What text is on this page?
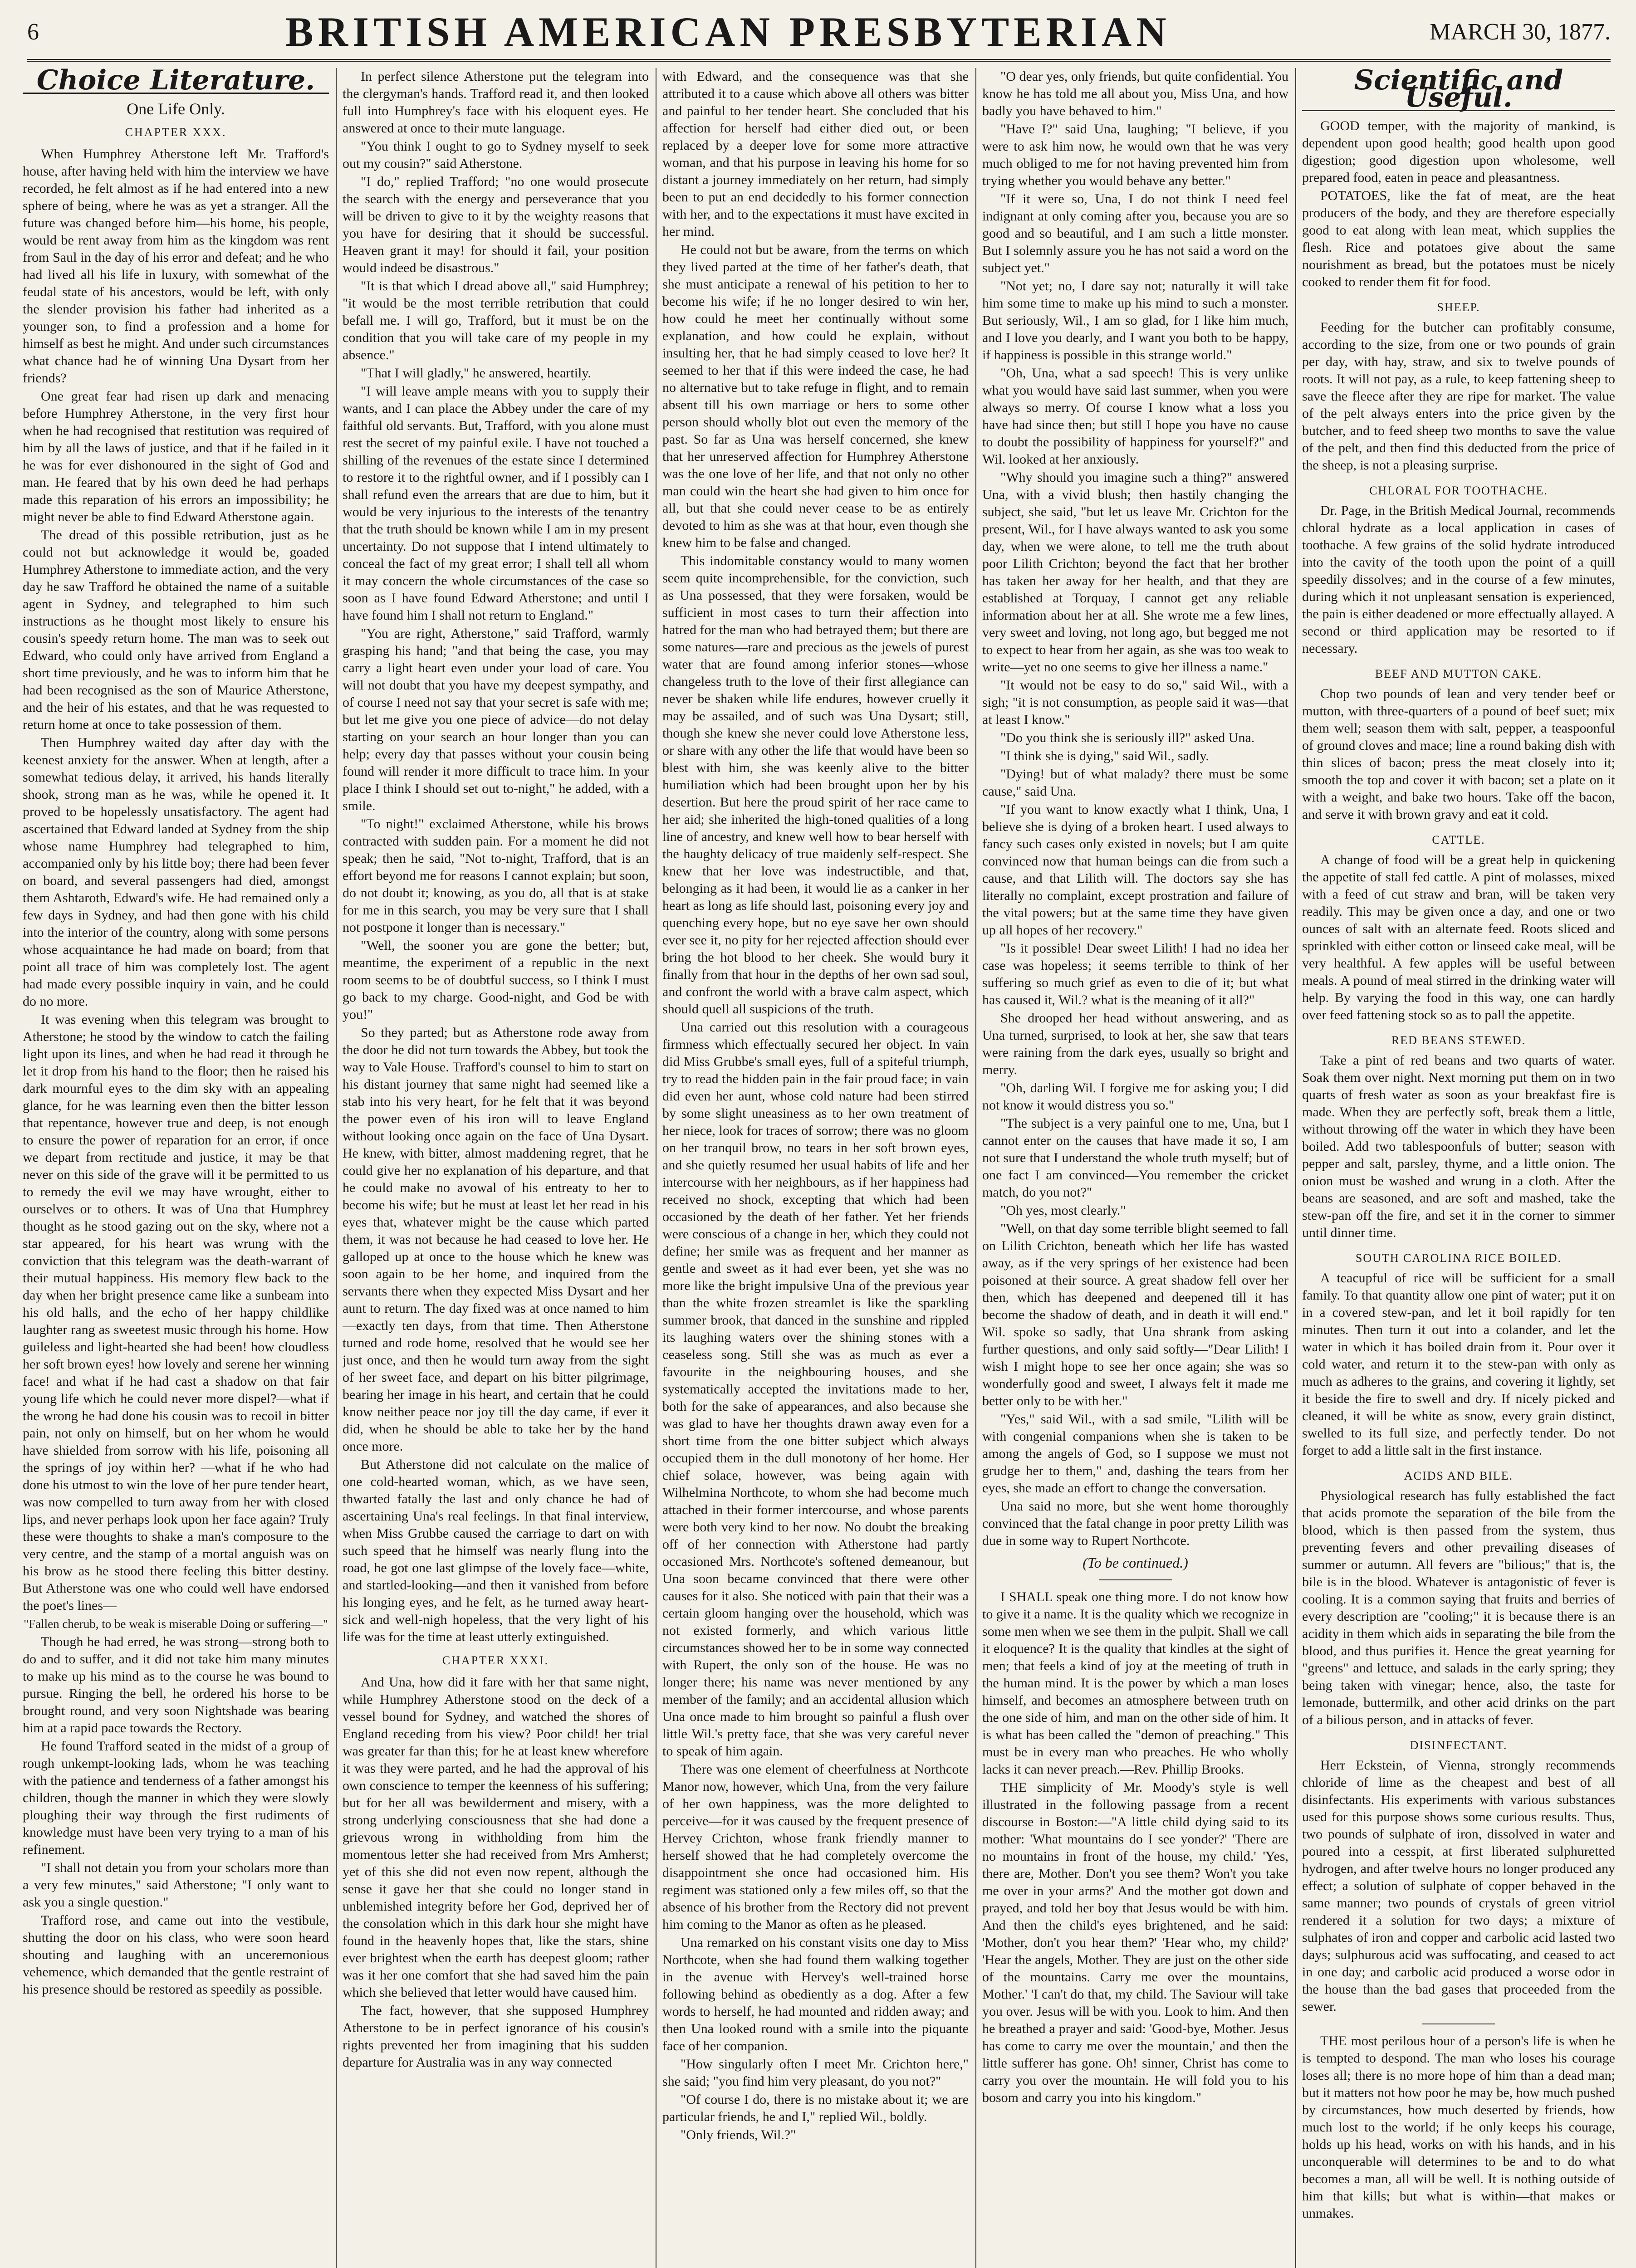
6	BRITISH AMERICAN PRESBYTERIAN	MARCH 30, 1877.
Choice Literature.
One Life Only.
CHAPTER XXX.

When Humphrey Atherstone left Mr. Trafford's house, after having held with him the interview we have recorded, he felt almost as if he had entered into a new sphere of being, where he was as yet a stranger. All the future was changed before him—his home, his people, would be rent away from him as the kingdom was rent from Saul in the day of his error and defeat; and he who had lived all his life in luxury, with somewhat of the feudal state of his ancestors, would be left, with only the slender provision his father had inherited as a younger son, to find a profession and a home for himself as best he might. And under such circumstances what chance had he of winning Una Dysart from her friends?

One great fear had risen up dark and menacing before Humphrey Atherstone, in the very first hour when he had recognised that restitution was required of him by all the laws of justice, and that if he failed in it he was for ever dishonoured in the sight of God and man. He feared that by his own deed he had perhaps made this reparation of his errors an impossibility; he might never be able to find Edward Atherstone again.

The dread of this possible retribution, just as he could not but acknowledge it would be, goaded Humphrey Atherstone to immediate action, and the very day he saw Trafford he obtained the name of a suitable agent in Sydney, and telegraphed to him such instructions as he thought most likely to ensure his cousin's speedy return home. The man was to seek out Edward, who could only have arrived from England a short time previously, and he was to inform him that he had been recognised as the son of Maurice Atherstone, and the heir of his estates, and that he was requested to return home at once to take possession of them.

Then Humphrey waited day after day with the keenest anxiety for the answer. When at length, after a somewhat tedious delay, it arrived, his hands literally shook, strong man as he was, while he opened it. It proved to be hopelessly unsatisfactory. The agent had ascertained that Edward landed at Sydney from the ship whose name Humphrey had telegraphed to him, accompanied only by his little boy; there had been fever on board, and several passengers had died, amongst them Ashtaroth, Edward's wife. He had remained only a few days in Sydney, and had then gone with his child into the interior of the country, along with some persons whose acquaintance he had made on board; from that point all trace of him was completely lost. The agent had made every possible inquiry in vain, and he could do no more.

It was evening when this telegram was brought to Atherstone; he stood by the window to catch the failing light upon its lines, and when he had read it through he let it drop from his hand to the floor; then he raised his dark mournful eyes to the dim sky with an appealing glance, for he was learning even then the bitter lesson that repentance, however true and deep, is not enough to ensure the power of reparation for an error, if once we depart from rectitude and justice, it may be that never on this side of the grave will it be permitted to us to remedy the evil we may have wrought, either to ourselves or to others. It was of Una that Humphrey thought as he stood gazing out on the sky, where not a star appeared, for his heart was wrung with the conviction that this telegram was the death-warrant of their mutual happiness. His memory flew back to the day when her bright presence came like a sunbeam into his old halls, and the echo of her happy childlike laughter rang as sweetest music through his home. How guileless and light-hearted she had been! how cloudless her soft brown eyes! how lovely and serene her winning face! and what if he had cast a shadow on that fair young life which he could never more dispel?—what if the wrong he had done his cousin was to recoil in bitter pain, not only on himself, but on her whom he would have shielded from sorrow with his life, poisoning all the springs of joy within her? —what if he who had done his utmost to win the love of her pure tender heart, was now compelled to turn away from her with closed lips, and never perhaps look upon her face again? Truly these were thoughts to shake a man's composure to the very centre, and the stamp of a mortal anguish was on his brow as he stood there feeling this bitter destiny. But Atherstone was one who could well have endorsed the poet's lines—

"Fallen cherub, to be weak is miserable Doing or suffering—"

Though he had erred, he was strong—strong both to do and to suffer, and it did not take him many minutes to make up his mind as to the course he was bound to pursue. Ringing the bell, he ordered his horse to be brought round, and very soon Nightshade was bearing him at a rapid pace towards the Rectory.

He found Trafford seated in the midst of a group of rough unkempt-looking lads, whom he was teaching with the patience and tenderness of a father amongst his children, though the manner in which they were slowly ploughing their way through the first rudiments of knowledge must have been very trying to a man of his refinement.

"I shall not detain you from your scholars more than a very few minutes," said Atherstone; "I only want to ask you a single question."

Trafford rose, and came out into the vestibule, shutting the door on his class, who were soon heard shouting and laughing with an unceremonious vehemence, which demanded that the gentle restraint of his presence should be restored as speedily as possible.

In perfect silence Atherstone put the telegram into the clergyman's hands. Trafford read it, and then looked full into Humphrey's face with his eloquent eyes. He answered at once to their mute language.

"You think I ought to go to Sydney myself to seek out my cousin?" said Atherstone.

"I do," replied Trafford; "no one would prosecute the search with the energy and perseverance that you will be driven to give to it by the weighty reasons that you have for desiring that it should be successful. Heaven grant it may! for should it fail, your position would indeed be disastrous."

"It is that which I dread above all," said Humphrey; "it would be the most terrible retribution that could befall me. I will go, Trafford, but it must be on the condition that you will take care of my people in my absence."

"That I will gladly," he answered, heartily.

"I will leave ample means with you to supply their wants, and I can place the Abbey under the care of my faithful old servants. But, Trafford, with you alone must rest the secret of my painful exile. I have not touched a shilling of the revenues of the estate since I determined to restore it to the rightful owner, and if I possibly can I shall refund even the arrears that are due to him, but it would be very injurious to the interests of the tenantry that the truth should be known while I am in my present uncertainty. Do not suppose that I intend ultimately to conceal the fact of my great error; I shall tell all whom it may concern the whole circumstances of the case so soon as I have found Edward Atherstone; and until I have found him I shall not return to England."

"You are right, Atherstone," said Trafford, warmly grasping his hand; "and that being the case, you may carry a light heart even under your load of care. You will not doubt that you have my deepest sympathy, and of course I need not say that your secret is safe with me; but let me give you one piece of advice—do not delay starting on your search an hour longer than you can help; every day that passes without your cousin being found will render it more difficult to trace him. In your place I think I should set out to-night," he added, with a smile.

"To night!" exclaimed Atherstone, while his brows contracted with sudden pain. For a moment he did not speak; then he said, "Not to-night, Trafford, that is an effort beyond me for reasons I cannot explain; but soon, do not doubt it; knowing, as you do, all that is at stake for me in this search, you may be very sure that I shall not postpone it longer than is necessary."

"Well, the sooner you are gone the better; but, meantime, the experiment of a republic in the next room seems to be of doubtful success, so I think I must go back to my charge. Good-night, and God be with you!"

So they parted; but as Atherstone rode away from the door he did not turn towards the Abbey, but took the way to Vale House. Trafford's counsel to him to start on his distant journey that same night had seemed like a stab into his very heart, for he felt that it was beyond the power even of his iron will to leave England without looking once again on the face of Una Dysart. He knew, with bitter, almost maddening regret, that he could give her no explanation of his departure, and that he could make no avowal of his entreaty to her to become his wife; but he must at least let her read in his eyes that, whatever might be the cause which parted them, it was not because he had ceased to love her. He galloped up at once to the house which he knew was soon again to be her home, and inquired from the servants there when they expected Miss Dysart and her aunt to return. The day fixed was at once named to him—exactly ten days, from that time. Then Atherstone turned and rode home, resolved that he would see her just once, and then he would turn away from the sight of her sweet face, and depart on his bitter pilgrimage, bearing her image in his heart, and certain that he could know neither peace nor joy till the day came, if ever it did, when he should be able to take her by the hand once more.

But Atherstone did not calculate on the malice of one cold-hearted woman, which, as we have seen, thwarted fatally the last and only chance he had of ascertaining Una's real feelings. In that final interview, when Miss Grubbe caused the carriage to dart on with such speed that he himself was nearly flung into the road, he got one last glimpse of the lovely face—white, and startled-looking—and then it vanished from before his longing eyes, and he felt, as he turned away heart-sick and well-nigh hopeless, that the very light of his life was for the time at least utterly extinguished.

CHAPTER XXXI.

And Una, how did it fare with her that same night, while Humphrey Atherstone stood on the deck of a vessel bound for Sydney, and watched the shores of England receding from his view? Poor child! her trial was greater far than this; for he at least knew wherefore it was they were parted, and he had the approval of his own conscience to temper the keenness of his suffering; but for her all was bewilderment and misery, with a strong underlying consciousness that she had done a grievous wrong in withholding from him the momentous letter she had received from Mrs Amherst; yet of this she did not even now repent, although the sense it gave her that she could no longer stand in unblemished integrity before her God, deprived her of the consolation which in this dark hour she might have found in the heavenly hopes that, like the stars, shine ever brightest when the earth has deepest gloom; rather was it her one comfort that she had saved him the pain which she believed that letter would have caused him.

The fact, however, that she supposed Humphrey Atherstone to be in perfect ignorance of his cousin's rights prevented her from imagining that his sudden departure for Australia was in any way connected

with Edward, and the consequence was that she attributed it to a cause which above all others was bitter and painful to her tender heart. She concluded that his affection for herself had either died out, or been replaced by a deeper love for some more attractive woman, and that his purpose in leaving his home for so distant a journey immediately on her return, had simply been to put an end decidedly to his former connection with her, and to the expectations it must have excited in her mind.

He could not but be aware, from the terms on which they lived parted at the time of her father's death, that she must anticipate a renewal of his petition to her to become his wife; if he no longer desired to win her, how could he meet her continually without some explanation, and how could he explain, without insulting her, that he had simply ceased to love her? It seemed to her that if this were indeed the case, he had no alternative but to take refuge in flight, and to remain absent till his own marriage or hers to some other person should wholly blot out even the memory of the past. So far as Una was herself concerned, she knew that her unreserved affection for Humphrey Atherstone was the one love of her life, and that not only no other man could win the heart she had given to him once for all, but that she could never cease to be as entirely devoted to him as she was at that hour, even though she knew him to be false and changed.

This indomitable constancy would to many women seem quite incomprehensible, for the conviction, such as Una possessed, that they were forsaken, would be sufficient in most cases to turn their affection into hatred for the man who had betrayed them; but there are some natures—rare and precious as the jewels of purest water that are found among inferior stones—whose changeless truth to the love of their first allegiance can never be shaken while life endures, however cruelly it may be assailed, and of such was Una Dysart; still, though she knew she never could love Atherstone less, or share with any other the life that would have been so blest with him, she was keenly alive to the bitter humiliation which had been brought upon her by his desertion. But here the proud spirit of her race came to her aid; she inherited the high-toned qualities of a long line of ancestry, and knew well how to bear herself with the haughty delicacy of true maidenly self-respect. She knew that her love was indestructible, and that, belonging as it had been, it would lie as a canker in her heart as long as life should last, poisoning every joy and quenching every hope, but no eye save her own should ever see it, no pity for her rejected affection should ever bring the hot blood to her cheek. She would bury it finally from that hour in the depths of her own sad soul, and confront the world with a brave calm aspect, which should quell all suspicions of the truth.

Una carried out this resolution with a courageous firmness which effectually secured her object. In vain did Miss Grubbe's small eyes, full of a spiteful triumph, try to read the hidden pain in the fair proud face; in vain did even her aunt, whose cold nature had been stirred by some slight uneasiness as to her own treatment of her niece, look for traces of sorrow; there was no gloom on her tranquil brow, no tears in her soft brown eyes, and she quietly resumed her usual habits of life and her intercourse with her neighbours, as if her happiness had received no shock, excepting that which had been occasioned by the death of her father. Yet her friends were conscious of a change in her, which they could not define; her smile was as frequent and her manner as gentle and sweet as it had ever been, yet she was no more like the bright impulsive Una of the previous year than the white frozen streamlet is like the sparkling summer brook, that danced in the sunshine and rippled its laughing waters over the shining stones with a ceaseless song. Still she was as much as ever a favourite in the neighbouring houses, and she systematically accepted the invitations made to her, both for the sake of appearances, and also because she was glad to have her thoughts drawn away even for a short time from the one bitter subject which always occupied them in the dull monotony of her home. Her chief solace, however, was being again with Wilhelmina Northcote, to whom she had become much attached in their former intercourse, and whose parents were both very kind to her now. No doubt the breaking off of her connection with Atherstone had partly occasioned Mrs. Northcote's softened demeanour, but Una soon became convinced that there were other causes for it also. She noticed with pain that their was a certain gloom hanging over the household, which was not existed formerly, and which various little circumstances showed her to be in some way connected with Rupert, the only son of the house. He was no longer there; his name was never mentioned by any member of the family; and an accidental allusion which Una once made to him brought so painful a flush over little Wil.'s pretty face, that she was very careful never to speak of him again.

There was one element of cheerfulness at Northcote Manor now, however, which Una, from the very failure of her own happiness, was the more delighted to perceive—for it was caused by the frequent presence of Hervey Crichton, whose frank friendly manner to herself showed that he had completely overcome the disappointment she once had occasioned him. His regiment was stationed only a few miles off, so that the absence of his brother from the Rectory did not prevent him coming to the Manor as often as he pleased.

Una remarked on his constant visits one day to Miss Northcote, when she had found them walking together in the avenue with Hervey's well-trained horse following behind as obediently as a dog. After a few words to herself, he had mounted and ridden away; and then Una looked round with a smile into the piquante face of her companion.

"How singularly often I meet Mr. Crichton here," she said; "you find him very pleasant, do you not?"

"Of course I do, there is no mistake about it; we are particular friends, he and I," replied Wil., boldly.

"Only friends, Wil.?"

"O dear yes, only friends, but quite confidential. You know he has told me all about you, Miss Una, and how badly you have behaved to him."

"Have I?" said Una, laughing; "I believe, if you were to ask him now, he would own that he was very much obliged to me for not having prevented him from trying whether you would behave any better."

"If it were so, Una, I do not think I need feel indignant at only coming after you, because you are so good and so beautiful, and I am such a little monster. But I solemnly assure you he has not said a word on the subject yet."

"Not yet; no, I dare say not; naturally it will take him some time to make up his mind to such a monster. But seriously, Wil., I am so glad, for I like him much, and I love you dearly, and I want you both to be happy, if happiness is possible in this strange world."

"Oh, Una, what a sad speech! This is very unlike what you would have said last summer, when you were always so merry. Of course I know what a loss you have had since then; but still I hope you have no cause to doubt the possibility of happiness for yourself?" and Wil. looked at her anxiously.

"Why should you imagine such a thing?" answered Una, with a vivid blush; then hastily changing the subject, she said, "but let us leave Mr. Crichton for the present, Wil., for I have always wanted to ask you some day, when we were alone, to tell me the truth about poor Lilith Crichton; beyond the fact that her brother has taken her away for her health, and that they are established at Torquay, I cannot get any reliable information about her at all. She wrote me a few lines, very sweet and loving, not long ago, but begged me not to expect to hear from her again, as she was too weak to write—yet no one seems to give her illness a name."

"It would not be easy to do so," said Wil., with a sigh; "it is not consumption, as people said it was—that at least I know."

"Do you think she is seriously ill?" asked Una.

"I think she is dying," said Wil., sadly.

"Dying! but of what malady? there must be some cause," said Una.

"If you want to know exactly what I think, Una, I believe she is dying of a broken heart. I used always to fancy such cases only existed in novels; but I am quite convinced now that human beings can die from such a cause, and that Lilith will. The doctors say she has literally no complaint, except prostration and failure of the vital powers; but at the same time they have given up all hopes of her recovery."

"Is it possible! Dear sweet Lilith! I had no idea her case was hopeless; it seems terrible to think of her suffering so much grief as even to die of it; but what has caused it, Wil.? what is the meaning of it all?"

She drooped her head without answering, and as Una turned, surprised, to look at her, she saw that tears were raining from the dark eyes, usually so bright and merry.

"Oh, darling Wil. I forgive me for asking you; I did not know it would distress you so."

"The subject is a very painful one to me, Una, but I cannot enter on the causes that have made it so, I am not sure that I understand the whole truth myself; but of one fact I am convinced—You remember the cricket match, do you not?"

"Oh yes, most clearly."

"Well, on that day some terrible blight seemed to fall on Lilith Crichton, beneath which her life has wasted away, as if the very springs of her existence had been poisoned at their source. A great shadow fell over her then, which has deepened and deepened till it has become the shadow of death, and in death it will end." Wil. spoke so sadly, that Una shrank from asking further questions, and only said softly—"Dear Lilith! I wish I might hope to see her once again; she was so wonderfully good and sweet, I always felt it made me better only to be with her."

"Yes," said Wil., with a sad smile, "Lilith will be with congenial companions when she is taken to be among the angels of God, so I suppose we must not grudge her to them," and, dashing the tears from her eyes, she made an effort to change the conversation.

Una said no more, but she went home thoroughly convinced that the fatal change in poor pretty Lilith was due in some way to Rupert Northcote.

(To be continued.)

I SHALL speak one thing more. I do not know how to give it a name. It is the quality which we recognize in some men when we see them in the pulpit. Shall we call it eloquence? It is the quality that kindles at the sight of men; that feels a kind of joy at the meeting of truth in the human mind. It is the power by which a man loses himself, and becomes an atmosphere between truth on the one side of him, and man on the other side of him. It is what has been called the "demon of preaching." This must be in every man who preaches. He who wholly lacks it can never preach.—Rev. Phillip Brooks.

THE simplicity of Mr. Moody's style is well illustrated in the following passage from a recent discourse in Boston:—"A little child dying said to its mother: 'What mountains do I see yonder?' 'There are no mountains in front of the house, my child.' 'Yes, there are, Mother. Don't you see them? Won't you take me over in your arms?' And the mother got down and prayed, and told her boy that Jesus would be with him. And then the child's eyes brightened, and he said: 'Mother, don't you hear them?' 'Hear who, my child?' 'Hear the angels, Mother. They are just on the other side of the mountains. Carry me over the mountains, Mother.' 'I can't do that, my child. The Saviour will take you over. Jesus will be with you. Look to him. And then he breathed a prayer and said: 'Good-bye, Mother. Jesus has come to carry me over the mountain,' and then the little sufferer has gone. Oh! sinner, Christ has come to carry you over the mountain. He will fold you to his bosom and carry you into his kingdom."

Scientific and Useful.

GOOD temper, with the majority of mankind, is dependent upon good health; good health upon good digestion; good digestion upon wholesome, well prepared food, eaten in peace and pleasantness.

POTATOES, like the fat of meat, are the heat producers of the body, and they are therefore especially good to eat along with lean meat, which supplies the flesh. Rice and potatoes give about the same nourishment as bread, but the potatoes must be nicely cooked to render them fit for food.

SHEEP.

Feeding for the butcher can profitably consume, according to the size, from one or two pounds of grain per day, with hay, straw, and six to twelve pounds of roots. It will not pay, as a rule, to keep fattening sheep to save the fleece after they are ripe for market. The value of the pelt always enters into the price given by the butcher, and to feed sheep two months to save the value of the pelt, and then find this deducted from the price of the sheep, is not a pleasing surprise.

CHLORAL FOR TOOTHACHE.

Dr. Page, in the British Medical Journal, recommends chloral hydrate as a local application in cases of toothache. A few grains of the solid hydrate introduced into the cavity of the tooth upon the point of a quill speedily dissolves; and in the course of a few minutes, during which it not unpleasant sensation is experienced, the pain is either deadened or more effectually allayed. A second or third application may be resorted to if necessary.

BEEF AND MUTTON CAKE.

Chop two pounds of lean and very tender beef or mutton, with three-quarters of a pound of beef suet; mix them well; season them with salt, pepper, a teaspoonful of ground cloves and mace; line a round baking dish with thin slices of bacon; press the meat closely into it; smooth the top and cover it with bacon; set a plate on it with a weight, and bake two hours. Take off the bacon, and serve it with brown gravy and eat it cold.

CATTLE.

A change of food will be a great help in quickening the appetite of stall fed cattle. A pint of molasses, mixed with a feed of cut straw and bran, will be taken very readily. This may be given once a day, and one or two ounces of salt with an alternate feed. Roots sliced and sprinkled with either cotton or linseed cake meal, will be very healthful. A few apples will be useful between meals. A pound of meal stirred in the drinking water will help. By varying the food in this way, one can hardly over feed fattening stock so as to pall the appetite.

RED BEANS STEWED.

Take a pint of red beans and two quarts of water. Soak them over night. Next morning put them on in two quarts of fresh water as soon as your breakfast fire is made. When they are perfectly soft, break them a little, without throwing off the water in which they have been boiled. Add two tablespoonfuls of butter; season with pepper and salt, parsley, thyme, and a little onion. The onion must be washed and wrung in a cloth. After the beans are seasoned, and are soft and mashed, take the stew-pan off the fire, and set it in the corner to simmer until dinner time.

SOUTH CAROLINA RICE BOILED.

A teacupful of rice will be sufficient for a small family. To that quantity allow one pint of water; put it on in a covered stew-pan, and let it boil rapidly for ten minutes. Then turn it out into a colander, and let the water in which it has boiled drain from it. Pour over it cold water, and return it to the stew-pan with only as much as adheres to the grains, and covering it lightly, set it beside the fire to swell and dry. If nicely picked and cleaned, it will be white as snow, every grain distinct, swelled to its full size, and perfectly tender. Do not forget to add a little salt in the first instance.

ACIDS AND BILE.

Physiological research has fully established the fact that acids promote the separation of the bile from the blood, which is then passed from the system, thus preventing fevers and other prevailing diseases of summer or autumn. All fevers are "bilious;" that is, the bile is in the blood. Whatever is antagonistic of fever is cooling. It is a common saying that fruits and berries of every description are "cooling;" it is because there is an acidity in them which aids in separating the bile from the blood, and thus purifies it. Hence the great yearning for "greens" and lettuce, and salads in the early spring; they being taken with vinegar; hence, also, the taste for lemonade, buttermilk, and other acid drinks on the part of a bilious person, and in attacks of fever.

DISINFECTANT.

Herr Eckstein, of Vienna, strongly recommends chloride of lime as the cheapest and best of all disinfectants. His experiments with various substances used for this purpose shows some curious results. Thus, two pounds of sulphate of iron, dissolved in water and poured into a cesspit, at first liberated sulphuretted hydrogen, and after twelve hours no longer produced any effect; a solution of sulphate of copper behaved in the same manner; two pounds of crystals of green vitriol rendered it a solution for two days; a mixture of sulphates of iron and copper and carbolic acid lasted two days; sulphurous acid was suffocating, and ceased to act in one day; and carbolic acid produced a worse odor in the house than the bad gases that proceeded from the sewer.

THE most perilous hour of a person's life is when he is tempted to despond. The man who loses his courage loses all; there is no more hope of him than a dead man; but it matters not how poor he may be, how much pushed by circumstances, how much deserted by friends, how much lost to the world; if he only keeps his courage, holds up his head, works on with his hands, and in his unconquerable will determines to be and to do what becomes a man, all will be well. It is nothing outside of him that kills; but what is within—that makes or unmakes.
